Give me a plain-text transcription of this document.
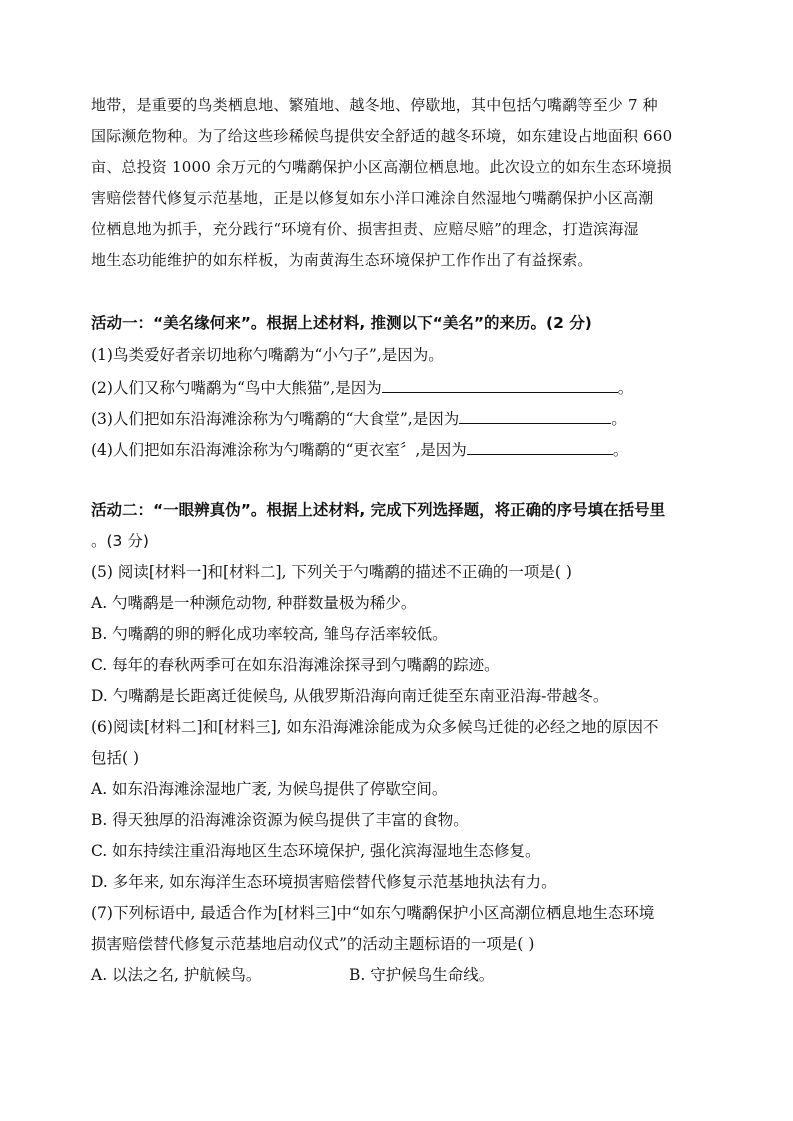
地带，是重要的鸟类栖息地、繁殖地、越冬地、停歇地，其中包括勺嘴鹬等至少 7 种
国际濒危物种。为了给这些珍稀候鸟提供安全舒适的越冬环境，如东建设占地面积 660
亩、总投资 1000 余万元的勺嘴鹬保护小区高潮位栖息地。此次设立的如东生态环境损
害赔偿替代修复示范基地，正是以修复如东小洋口滩涂自然湿地勺嘴鹬保护小区高潮
位栖息地为抓手，充分践行“环境有价、损害担责、应赔尽赔”的理念，打造滨海湿
地生态功能维护的如东样板，为南黄海生态环境保护工作作出了有益探索。
活动一：“美名缘何来”。根据上述材料, 推测以下“美名”的来历。(2 分)
(1)鸟类爱好者亲切地称勺嘴鹬为“小勺子”,是因为。
(2)人们又称勺嘴鹬为“鸟中大熊猫”,是因为	。
(3)人们把如东沿海滩涂称为勺嘴鹬的“大食堂”,是因为	。
(4)人们把如东沿海滩涂称为勺嘴鹬的“更衣室〞,是因为	。
活动二：“一眼辨真伪”。根据上述材料, 完成下列选择题，将正确的序号填在括号里
。(3 分)
(5) 阅读[材料一]和[材料二], 下列关于勺嘴鹬的描述不正确的一项是( )
A. 勺嘴鹬是一种濒危动物, 种群数量极为稀少。
B. 勺嘴鹬的卵的孵化成功率较高, 雏鸟存活率较低。
C. 每年的春秋两季可在如东沿海滩涂探寻到勺嘴鹬的踪迹。
D. 勺嘴鹬是长距离迁徙候鸟, 从俄罗斯沿海向南迁徙至东南亚沿海-带越冬。
(6)阅读[材料二]和[材料三], 如东沿海滩涂能成为众多候鸟迁徙的必经之地的原因不
包括( )
A. 如东沿海滩涂湿地广袤, 为候鸟提供了停歇空间。
B. 得天独厚的沿海滩涂资源为候鸟提供了丰富的食物。
C. 如东持续注重沿海地区生态环境保护, 强化滨海湿地生态修复。
D. 多年来, 如东海洋生态环境损害赔偿替代修复示范基地执法有力。
(7)下列标语中, 最适合作为[材料三]中“如东勺嘴鹬保护小区高潮位栖息地生态环境
损害赔偿替代修复示范基地启动仪式”的活动主题标语的一项是( )
A. 以法之名, 护航候鸟。	B. 守护候鸟生命线。
